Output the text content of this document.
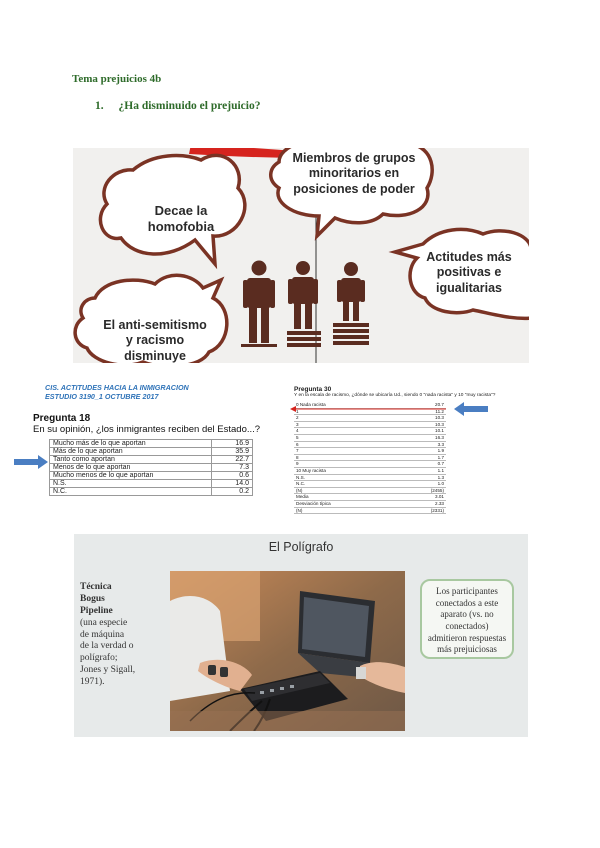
Tema prejuicios 4b
1. ¿Ha disminuido el prejuicio?
Decae la
homofobia
Miembros de grupos
minoritarios en
posiciones de poder
Actitudes más
positivas e
igualitarias
El anti-semitismo
y racismo
disminuye
CIS. ACTITUDES HACIA LA INMIGRACION
ESTUDIO 3190_1 OCTUBRE 2017
Pregunta 18
En su opinión, ¿los inmigrantes reciben del Estado...?
Mucho más de lo que aportan	16.9
Más de lo que aportan	35.9
Tanto como aportan	22.7
Menos de lo que aportan	7.3
Mucho menos de lo que aportan	0.6
N.S.	14.0
N.C.	0.2
Pregunta 30
Y en la escala de racismo, ¿dónde se ubicaría Ud., siendo 0 "nada racista" y 10 "muy racista"?
0 Nada racista	20.7
1	11.2
2	10.3
3	10.3
4	10.1
5	16.3
6	3.3
7	1.9
8	1.7
9	0.7
10 Muy racista	1.1
N.S.	1.3
N.C.	1.0
(N)	(2455)
Media	3.01
Desviación típica	2.33
(N)	(2331)
El Polígrafo
Técnica
Bogus
Pipeline
(una especie
de máquina
de la verdad o
polígrafo;
Jones y Sigall,
1971).
Los participantes
conectados a este
aparato (vs. no
conectados)
admitieron respuestas
más prejuiciosas
